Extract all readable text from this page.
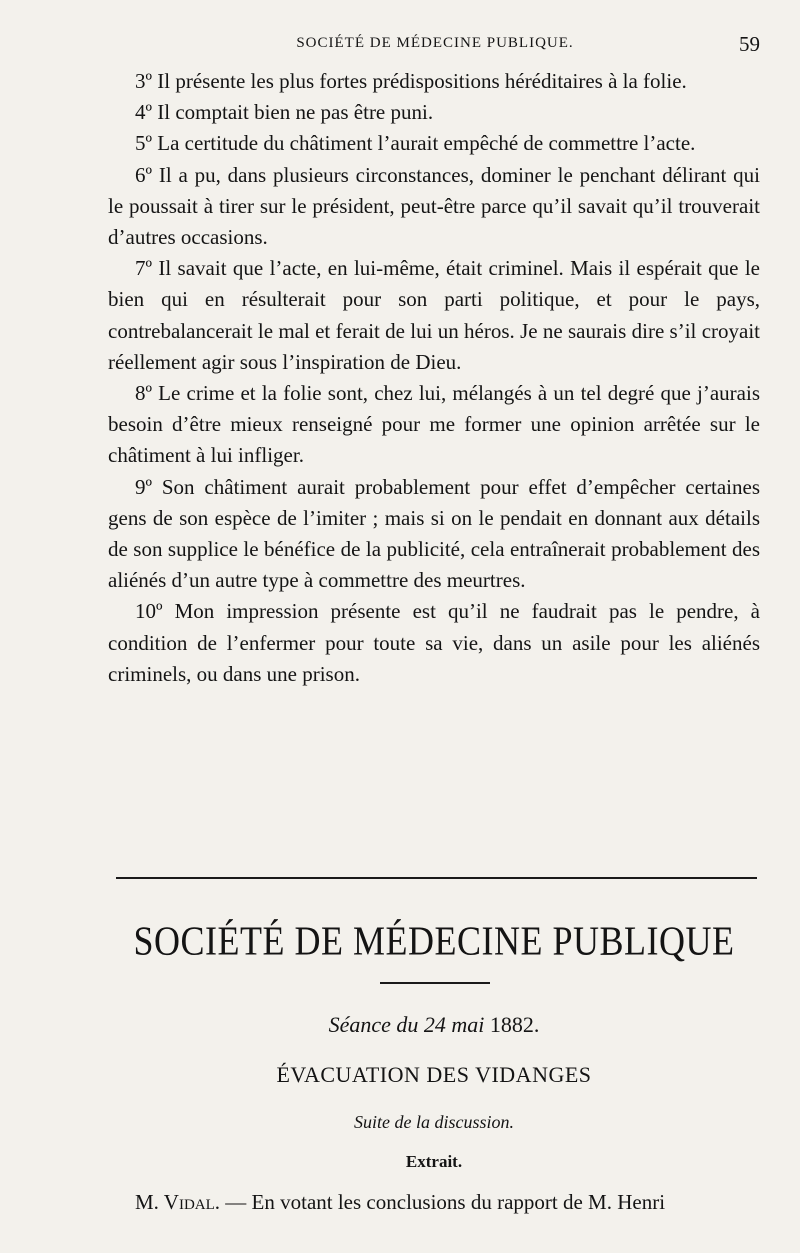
SOCIÉTÉ DE MÉDECINE PUBLIQUE.	59

3º Il présente les plus fortes prédispositions héréditaires à la folie.

4º Il comptait bien ne pas être puni.

5º La certitude du châtiment l’aurait empêché de commettre l’acte.

6º Il a pu, dans plusieurs circonstances, dominer le penchant délirant qui le poussait à tirer sur le président, peut-être parce qu’il savait qu’il trouverait d’autres occasions.

7º Il savait que l’acte, en lui-même, était criminel. Mais il espérait que le bien qui en résulterait pour son parti politique, et pour le pays, contrebalancerait le mal et ferait de lui un héros. Je ne saurais dire s’il croyait réellement agir sous l’inspiration de Dieu.

8º Le crime et la folie sont, chez lui, mélangés à un tel degré que j’aurais besoin d’être mieux renseigné pour me former une opinion arrêtée sur le châtiment à lui infliger.

9º Son châtiment aurait probablement pour effet d’empêcher certaines gens de son espèce de l’imiter ; mais si on le pendait en donnant aux détails de son supplice le bénéfice de la publicité, cela entraînerait probablement des aliénés d’un autre type à commettre des meurtres.

10º Mon impression présente est qu’il ne faudrait pas le pendre, à condition de l’enfermer pour toute sa vie, dans un asile pour les aliénés criminels, ou dans une prison.

SOCIÉTÉ DE MÉDECINE PUBLIQUE
Séance du 24 mai 1882.
ÉVACUATION DES VIDANGES
Suite de la discussion.
Extrait.
M. Vidal. — En votant les conclusions du rapport de M. Henri
